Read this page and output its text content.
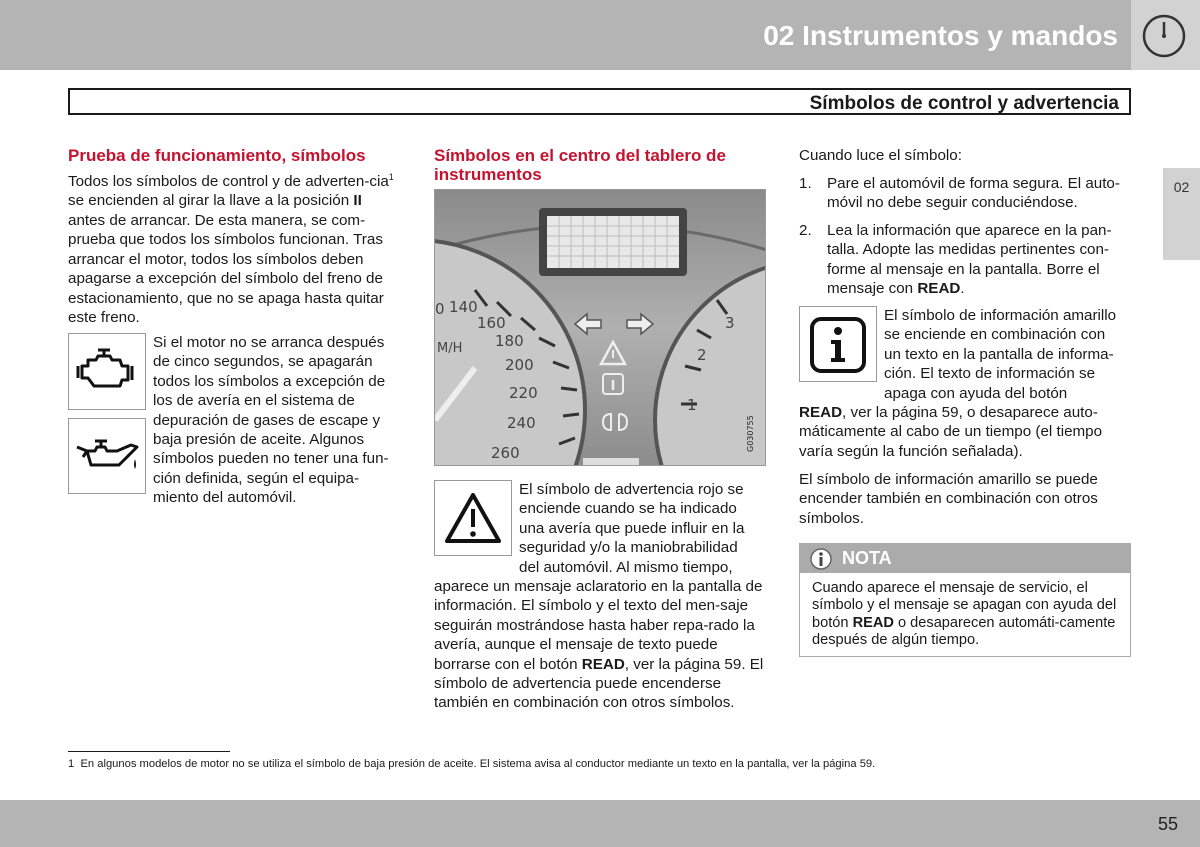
02 Instrumentos y mandos
Símbolos de control y advertencia
02
Prueba de funcionamiento, símbolos

Todos los símbolos de control y de adverten-cia$^1$ se encienden al girar la llave a la posición II antes de arrancar. De esta manera, se com-prueba que todos los símbolos funcionan. Tras arrancar el motor, todos los símbolos deben apagarse a excepción del símbolo del freno de estacionamiento, que no se apaga hasta quitar este freno.

Si el motor no se arranca después

de cinco segundos, se apagarán

todos los símbolos a excepción de

los de avería en el sistema de

depuración de gases de escape y

baja presión de aceite. Algunos

símbolos pueden no tener una fun-

ción definida, según el equipa-

miento del automóvil.

Símbolos en el centro del tablero de instrumentos
0 140
160
180
200
220
240
260
M/H
3
2
1
G030755

El símbolo de advertencia rojo se

enciende cuando se ha indicado

una avería que puede influir en la

seguridad y/o la maniobrabilidad

del automóvil. Al mismo tiempo,

aparece un mensaje aclaratorio en la pantalla de información. El símbolo y el texto del men-saje seguirán mostrándose hasta haber repa-rado la avería, aunque el mensaje de texto puede borrarse con el botón READ, ver la página 59. El símbolo de advertencia puede encenderse también en combinación con otros símbolos.

Cuando luce el símbolo:

1. Pare el automóvil de forma segura. El auto-móvil no debe seguir conduciéndose.
2. Lea la información que aparece en la pan-talla. Adopte las medidas pertinentes con-forme al mensaje en la pantalla. Borre el mensaje con READ.

El símbolo de información amarillo

se enciende en combinación con

un texto en la pantalla de informa-

ción. El texto de información se

apaga con ayuda del botón

READ, ver la página 59, o desaparece auto-máticamente al cabo de un tiempo (el tiempo varía según la función señalada).

El símbolo de información amarillo se puede encender también en combinación con otros símbolos.

NOTA
Cuando aparece el mensaje de servicio, el símbolo y el mensaje se apagan con ayuda del botón READ o desaparecen automáti-camente después de algún tiempo.
1 En algunos modelos de motor no se utiliza el símbolo de baja presión de aceite. El sistema avisa al conductor mediante un texto en la pantalla, ver la página 59.
55
